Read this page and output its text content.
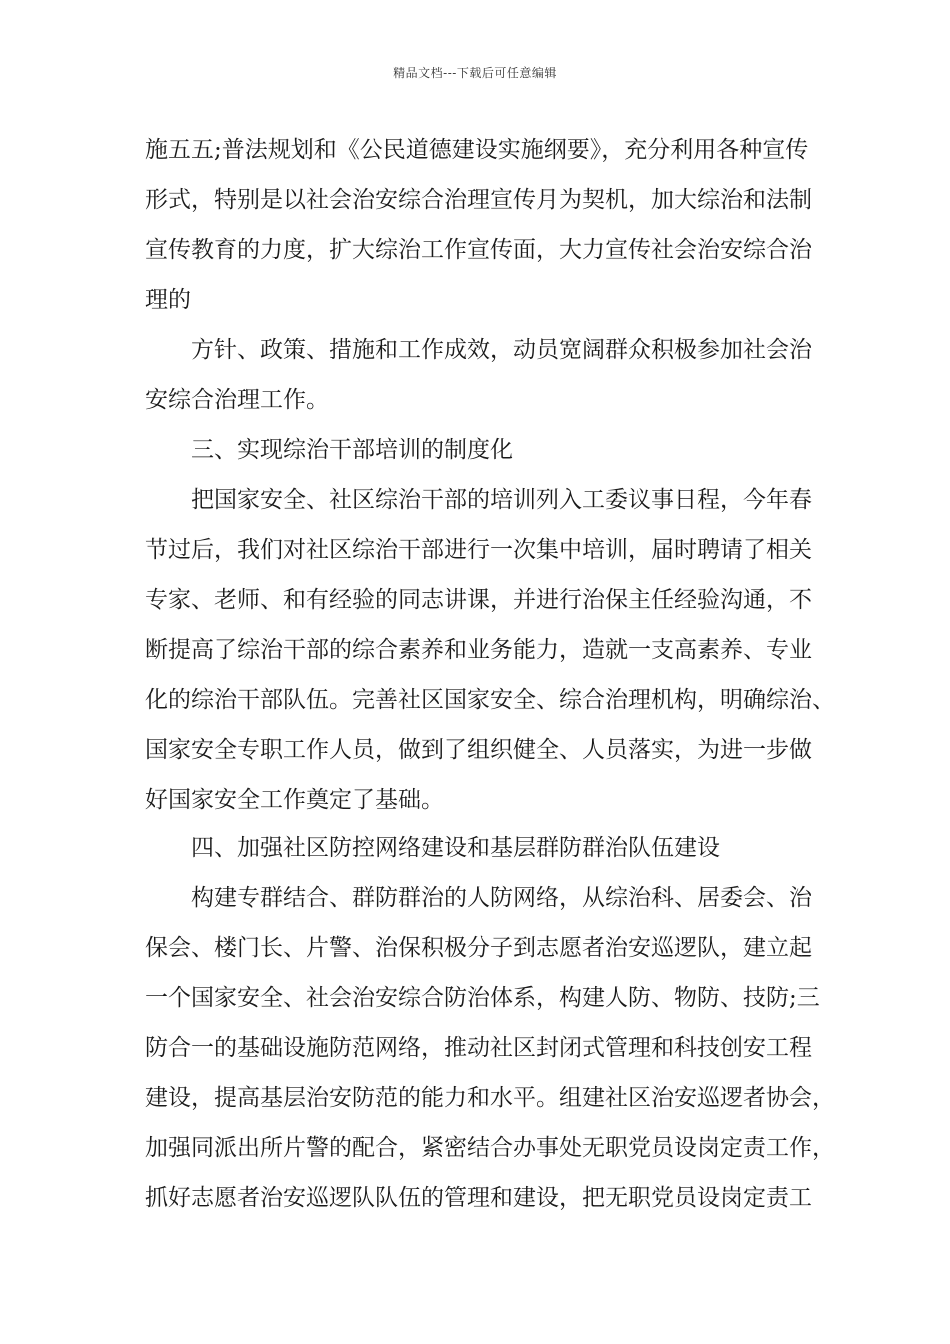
精品文档---下载后可任意编辑
施五五;普法规划和《公民道德建设实施纲要》，充分利用各种宣传
形式，特别是以社会治安综合治理宣传月为契机，加大综治和法制
宣传教育的力度，扩大综治工作宣传面，大力宣传社会治安综合治
理的
方针、政策、措施和工作成效，动员宽阔群众积极参加社会治
安综合治理工作。
三、实现综治干部培训的制度化
把国家安全、社区综治干部的培训列入工委议事日程，今年春
节过后，我们对社区综治干部进行一次集中培训，届时聘请了相关
专家、老师、和有经验的同志讲课，并进行治保主任经验沟通，不
断提高了综治干部的综合素养和业务能力，造就一支高素养、专业
化的综治干部队伍。完善社区国家安全、综合治理机构，明确综治、
国家安全专职工作人员，做到了组织健全、人员落实，为进一步做
好国家安全工作奠定了基础。
四、加强社区防控网络建设和基层群防群治队伍建设
构建专群结合、群防群治的人防网络，从综治科、居委会、治
保会、楼门长、片警、治保积极分子到志愿者治安巡逻队，建立起
一个国家安全、社会治安综合防治体系，构建人防、物防、技防;三
防合一的基础设施防范网络，推动社区封闭式管理和科技创安工程
建设，提高基层治安防范的能力和水平。组建社区治安巡逻者协会，
加强同派出所片警的配合，紧密结合办事处无职党员设岗定责工作，
抓好志愿者治安巡逻队队伍的管理和建设，把无职党员设岗定责工
